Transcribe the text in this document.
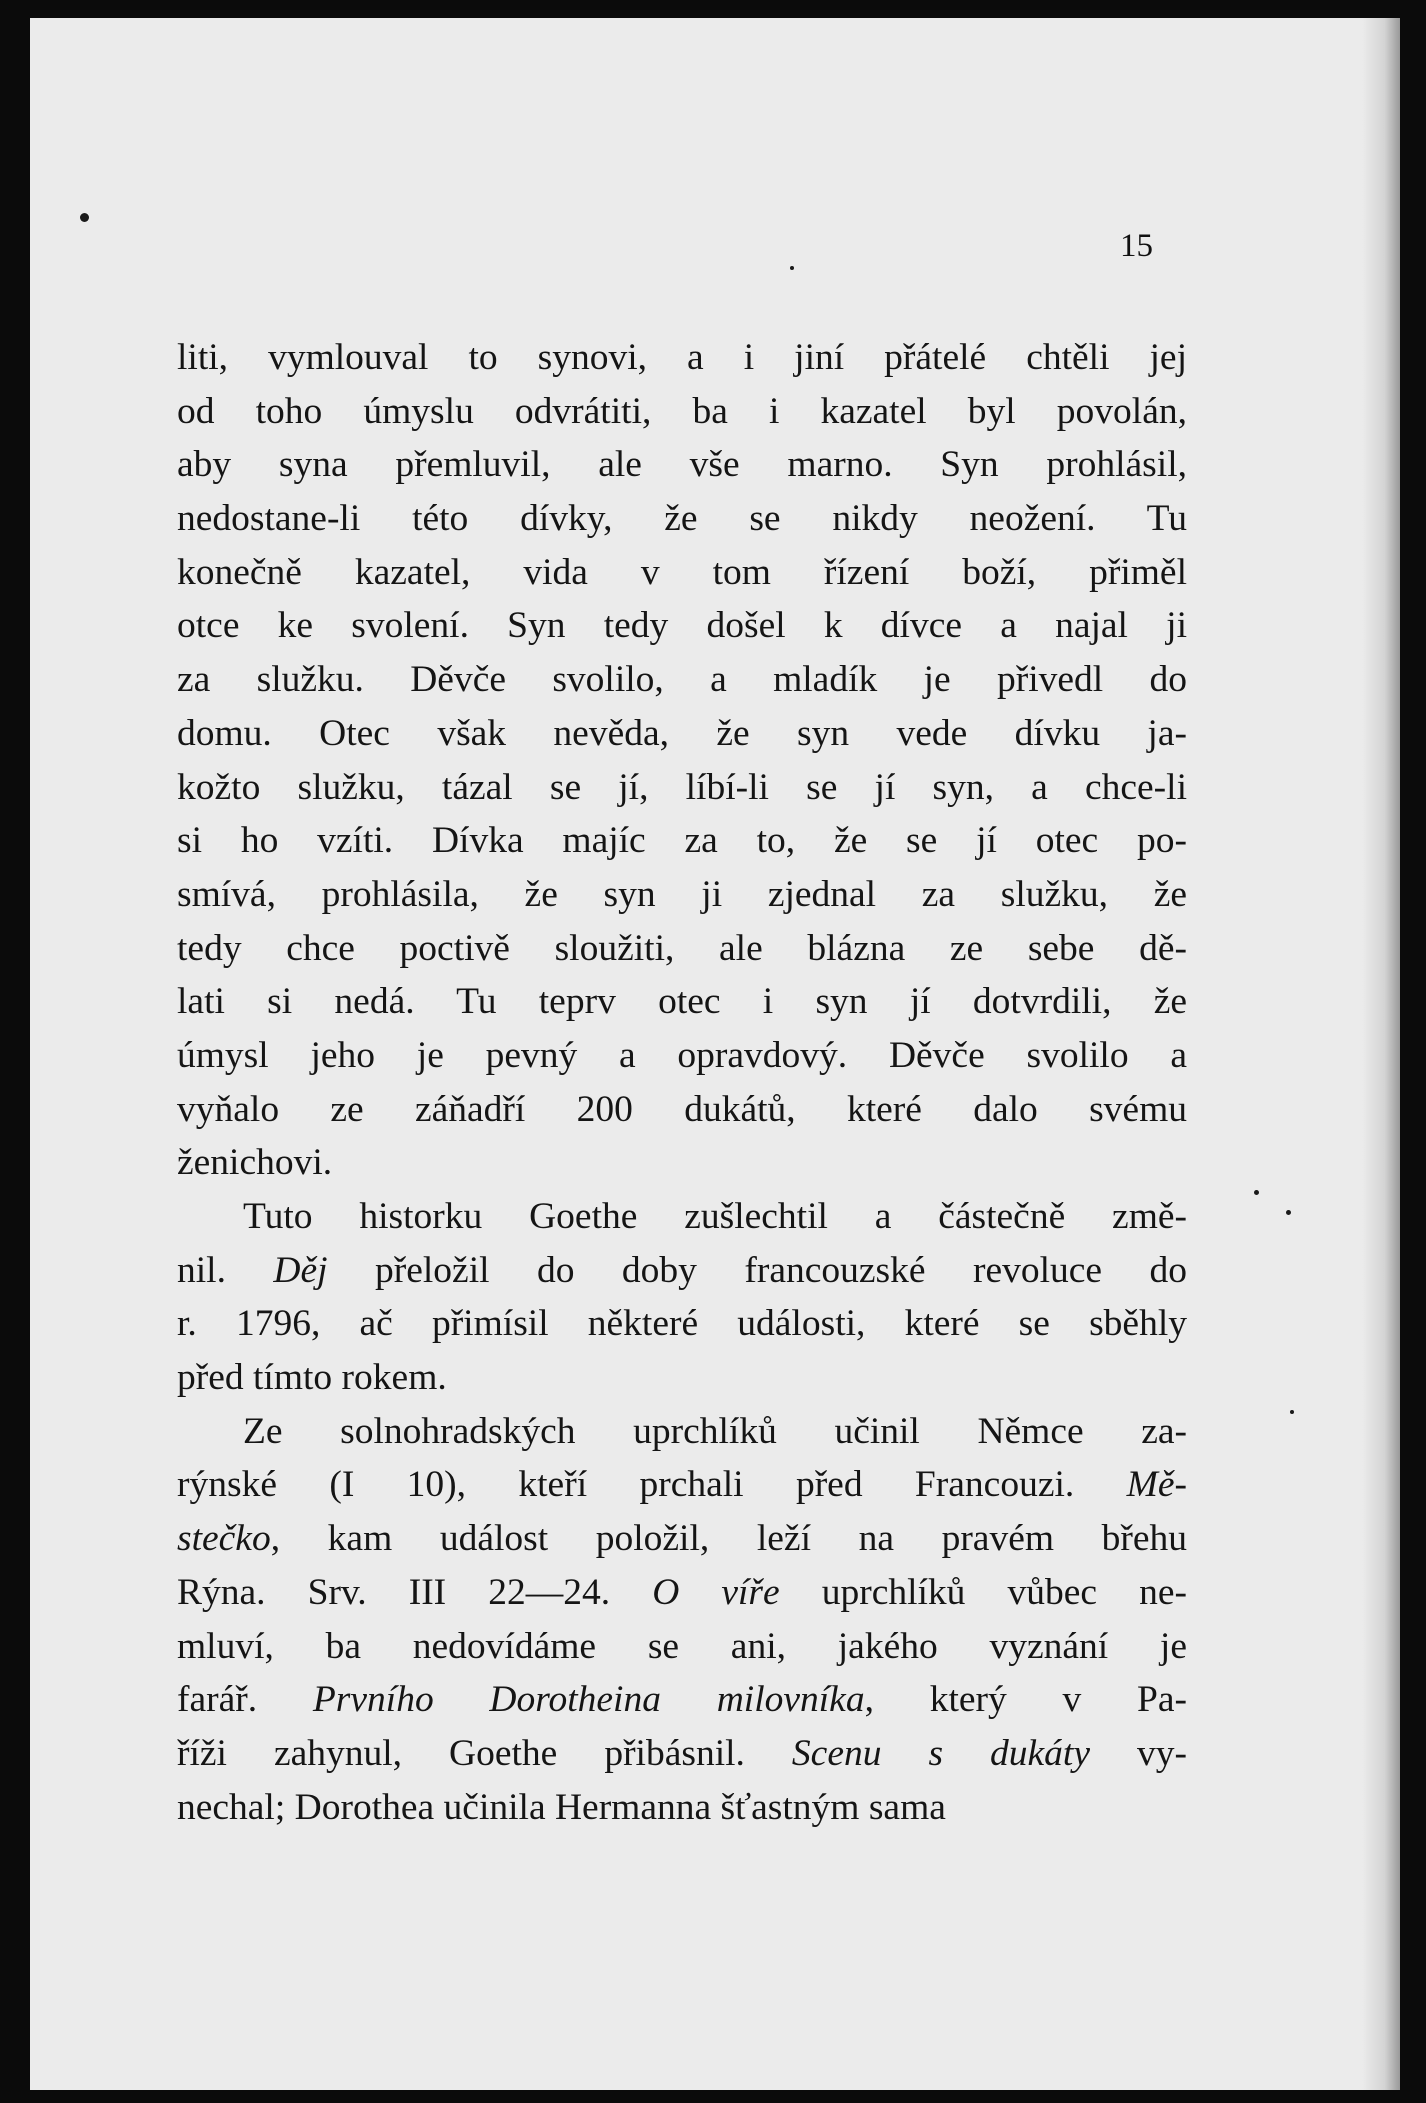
15
liti, vymlouval to synovi, a i jiní přátelé chtěli jej
od toho úmyslu odvrátiti, ba i kazatel byl povolán,
aby syna přemluvil, ale vše marno. Syn prohlásil,
nedostane-li této dívky, že se nikdy neožení. Tu
konečně kazatel, vida v tom řízení boží, přiměl
otce ke svolení. Syn tedy došel k dívce a najal ji
za služku. Děvče svolilo, a mladík je přivedl do
domu. Otec však nevěda, že syn vede dívku ja-
kožto služku, tázal se jí, líbí-li se jí syn, a chce-li
si ho vzíti. Dívka majíc za to, že se jí otec po-
smívá, prohlásila, že syn ji zjednal za služku, že
tedy chce poctivě sloužiti, ale blázna ze sebe dě-
lati si nedá. Tu teprv otec i syn jí dotvrdili, že
úmysl jeho je pevný a opravdový. Děvče svolilo a
vyňalo ze záňadří 200 dukátů, které dalo svému
ženichovi.
Tuto historku Goethe zušlechtil a částečně změ-
nil. Děj přeložil do doby francouzské revoluce do
r. 1796, ač přimísil některé události, které se sběhly
před tímto rokem.
Ze solnohradských uprchlíků učinil Němce za-
rýnské (I 10), kteří prchali před Francouzi. Mě-
stečko, kam událost položil, leží na pravém břehu
Rýna. Srv. III 22—24. O víře uprchlíků vůbec ne-
mluví, ba nedovídáme se ani, jakého vyznání je
farář. Prvního Dorotheina milovníka, který v Pa-
říži zahynul, Goethe přibásnil. Scenu s dukáty vy-
nechal; Dorothea učinila Hermanna šťastným sama
